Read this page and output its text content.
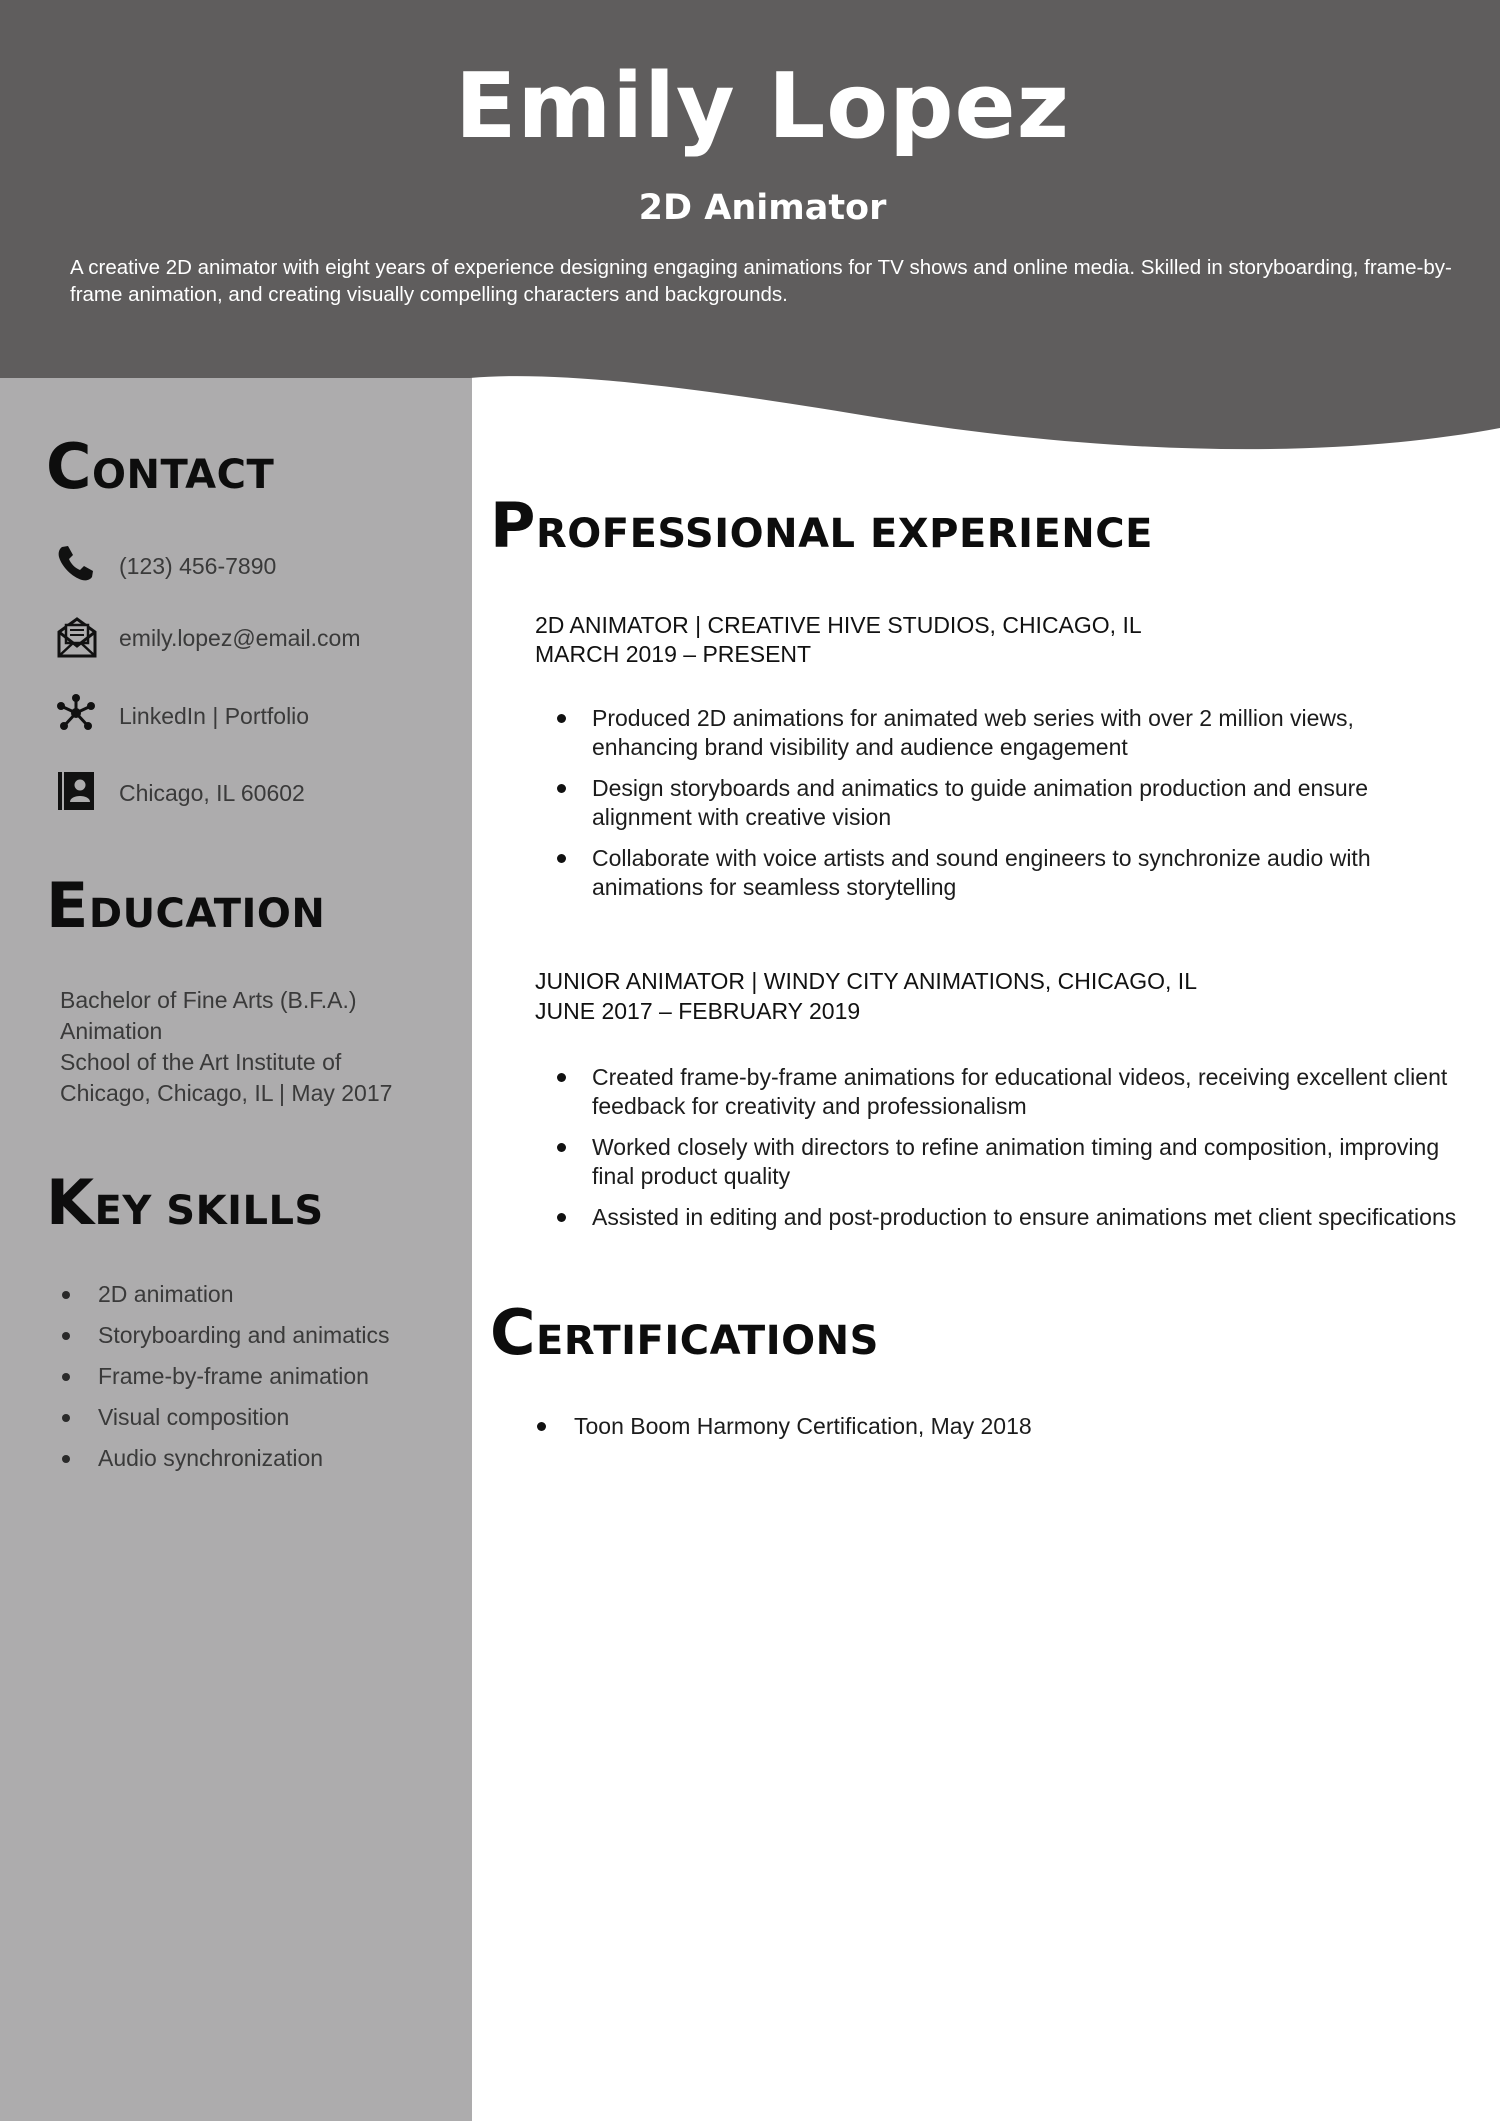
Emily Lopez
2D Animator
A creative 2D animator with eight years of experience designing engaging animations for TV shows and online media. Skilled in storyboarding, frame-by-frame animation, and creating visually compelling characters and backgrounds.
CONTACT
(123) 456-7890
emily.lopez@email.com
LinkedIn | Portfolio
Chicago, IL 60602
EDUCATION
Bachelor of Fine Arts (B.F.A.)
Animation
School of the Art Institute of
Chicago, Chicago, IL | May 2017
KEY SKILLS
2D animation
Storyboarding and animatics
Frame-by-frame animation
Visual composition
Audio synchronization
PROFESSIONAL EXPERIENCE
2D ANIMATOR | CREATIVE HIVE STUDIOS, CHICAGO, IL
MARCH 2019 – PRESENT
Produced 2D animations for animated web series with over 2 million views, enhancing brand visibility and audience engagement
Design storyboards and animatics to guide animation production and ensure alignment with creative vision
Collaborate with voice artists and sound engineers to synchronize audio with animations for seamless storytelling
JUNIOR ANIMATOR | WINDY CITY ANIMATIONS, CHICAGO, IL
JUNE 2017 – FEBRUARY 2019
Created frame-by-frame animations for educational videos, receiving excellent client feedback for creativity and professionalism
Worked closely with directors to refine animation timing and composition, improving final product quality
Assisted in editing and post-production to ensure animations met client specifications
CERTIFICATIONS
Toon Boom Harmony Certification, May 2018
